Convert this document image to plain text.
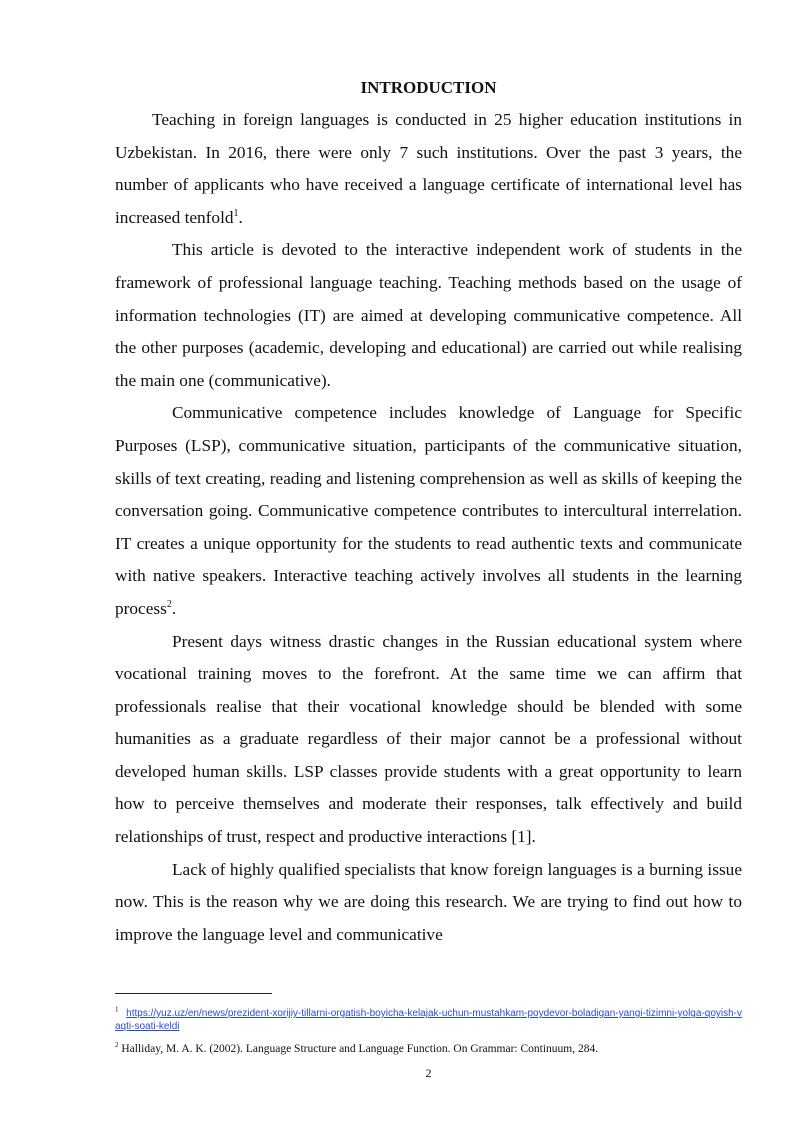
INTRODUCTION

Teaching in foreign languages is conducted in 25 higher education institutions in Uzbekistan. In 2016, there were only 7 such institutions. Over the past 3 years, the number of applicants who have received a language certificate of international level has increased tenfold$^1$.

This article is devoted to the interactive independent work of students in the framework of professional language teaching. Teaching methods based on the usage of information technologies (IT) are aimed at developing communicative competence. All the other purposes (academic, developing and educational) are carried out while realising the main one (communicative).

Communicative competence includes knowledge of Language for Specific Purposes (LSP), communicative situation, participants of the communicative situation, skills of text creating, reading and listening comprehension as well as skills of keeping the conversation going. Communicative competence contributes to intercultural interrelation. IT creates a unique opportunity for the students to read authentic texts and communicate with native speakers. Interactive teaching actively involves all students in the learning process$^2$.

Present days witness drastic changes in the Russian educational system where vocational training moves to the forefront. At the same time we can affirm that professionals realise that their vocational knowledge should be blended with some humanities as a graduate regardless of their major cannot be a professional without developed human skills. LSP classes provide students with a great opportunity to learn how to perceive themselves and moderate their responses, talk effectively and build relationships of trust, respect and productive interactions [1].

Lack of highly qualified specialists that know foreign languages is a burning issue now. This is the reason why we are doing this research. We are trying to find out how to improve the language level and communicative

$^1$ https://yuz.uz/en/news/prezident-xorijiy-tillarni-orgatish-boyicha-kelajak-uchun-mustahkam-poydevor-boladigan-yangi-tizimni-yolga-qoyish-vaqti-soati-keldi
$^2$ Halliday, M. A. K. (2002). Language Structure and Language Function. On Grammar: Continuum, 284.
2
